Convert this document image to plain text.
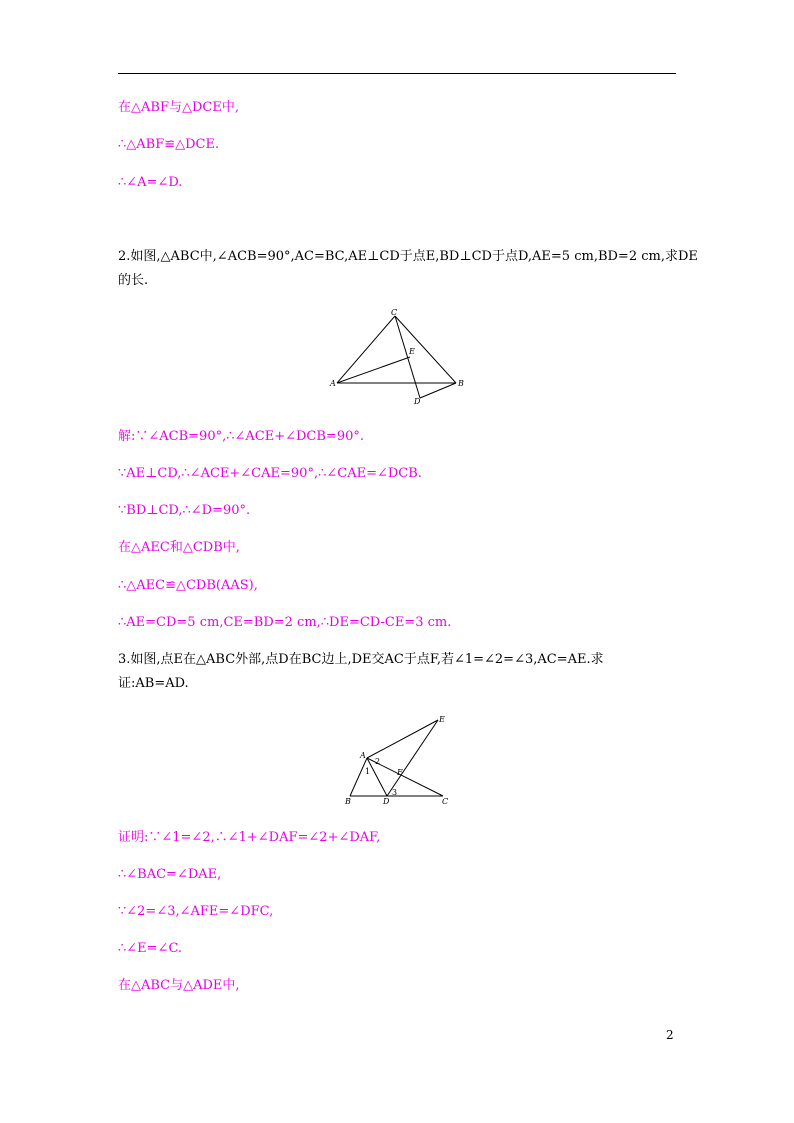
在△ABF与△DCE中,
∴△ABF≌△DCE.
∴∠A=∠D.
2.如图,△ABC中,∠ACB=90°,AC=BC,AE⊥CD于点E,BD⊥CD于点D,AE=5 cm,BD=2 cm,求DE
的长.
A	B
C
D
E
解:∵∠ACB=90°,∴∠ACE+∠DCB=90°.
∵AE⊥CD,∴∠ACE+∠CAE=90°,∴∠CAE=∠DCB.
∵BD⊥CD,∴∠D=90°.
在△AEC和△CDB中,
∴△AEC≌△CDB(AAS),
∴AE=CD=5 cm,CE=BD=2 cm,∴DE=CD-CE=3 cm.
3.如图,点E在△ABC外部,点D在BC边上,DE交AC于点F,若∠1=∠2=∠3,AC=AE.求
证:AB=AD.
A
B	C
D
E
F
1
2
3
证明:∵∠1=∠2,∴∠1+∠DAF=∠2+∠DAF,
∴∠BAC=∠DAE,
∵∠2=∠3,∠AFE=∠DFC,
∴∠E=∠C.
在△ABC与△ADE中,
2
